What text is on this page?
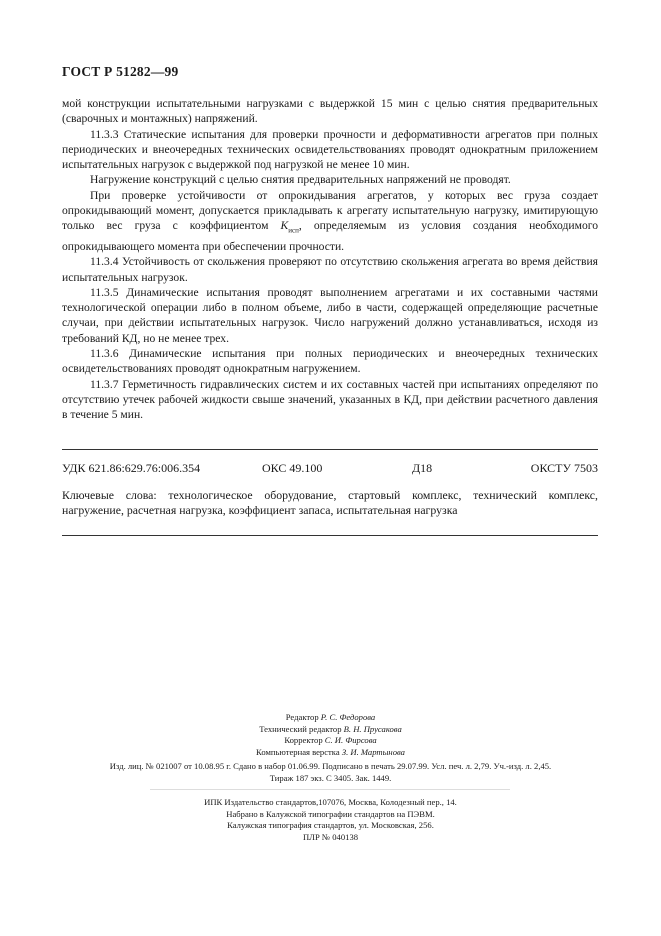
ГОСТ Р 51282—99

мой конструкции испытательными нагрузками с выдержкой 15 мин с целью снятия предварительных (сварочных и монтажных) напряжений.

11.3.3 Статические испытания для проверки прочности и деформативности агрегатов при полных периодических и внеочередных технических освидетельствованиях проводят однократным приложением испытательных нагрузок с выдержкой под нагрузкой не менее 10 мин.

Нагружение конструкций с целью снятия предварительных напряжений не проводят.

При проверке устойчивости от опрокидывания агрегатов, у которых вес груза создает опрокидывающий момент, допускается прикладывать к агрегату испытательную нагрузку, имитирующую только вес груза с коэффициентом $K_{исп}$, определяемым из условия создания необходимого опрокидывающего момента при обеспечении прочности.

11.3.4 Устойчивость от скольжения проверяют по отсутствию скольжения агрегата во время действия испытательных нагрузок.

11.3.5 Динамические испытания проводят выполнением агрегатами и их составными частями технологической операции либо в полном объеме, либо в части, содержащей определяющие расчетные случаи, при действии испытательных нагрузок. Число нагружений должно устанавливаться, исходя из требований КД, но не менее трех.

11.3.6 Динамические испытания при полных периодических и внеочередных технических освидетельствованиях проводят однократным нагружением.

11.3.7 Герметичность гидравлических систем и их составных частей при испытаниях определяют по отсутствию утечек рабочей жидкости свыше значений, указанных в КД, при действии расчетного давления в течение 5 мин.

УДК 621.86:629.76:006.354	ОКС 49.100	Д18	ОКСТУ 7503
Ключевые слова: технологическое оборудование, стартовый комплекс, технический комплекс, нагружение, расчетная нагрузка, коэффициент запаса, испытательная нагрузка
Редактор Р. С. Федорова
Технический редактор В. Н. Прусакова
Корректор С. И. Фирсова
Компьютерная верстка З. И. Мартынова
Изд. лиц. № 021007 от 10.08.95 г. Сдано в набор 01.06.99. Подписано в печать 29.07.99. Усл. печ. л. 2,79. Уч.-изд. л. 2,45.
Тираж 187 экз. С 3405. Зак. 1449.
ИПК Издательство стандартов,107076, Москва, Колодезный пер., 14.
Набрано в Калужской типографии стандартов на ПЭВМ.
Калужская типография стандартов, ул. Московская, 256.
ПЛР № 040138
